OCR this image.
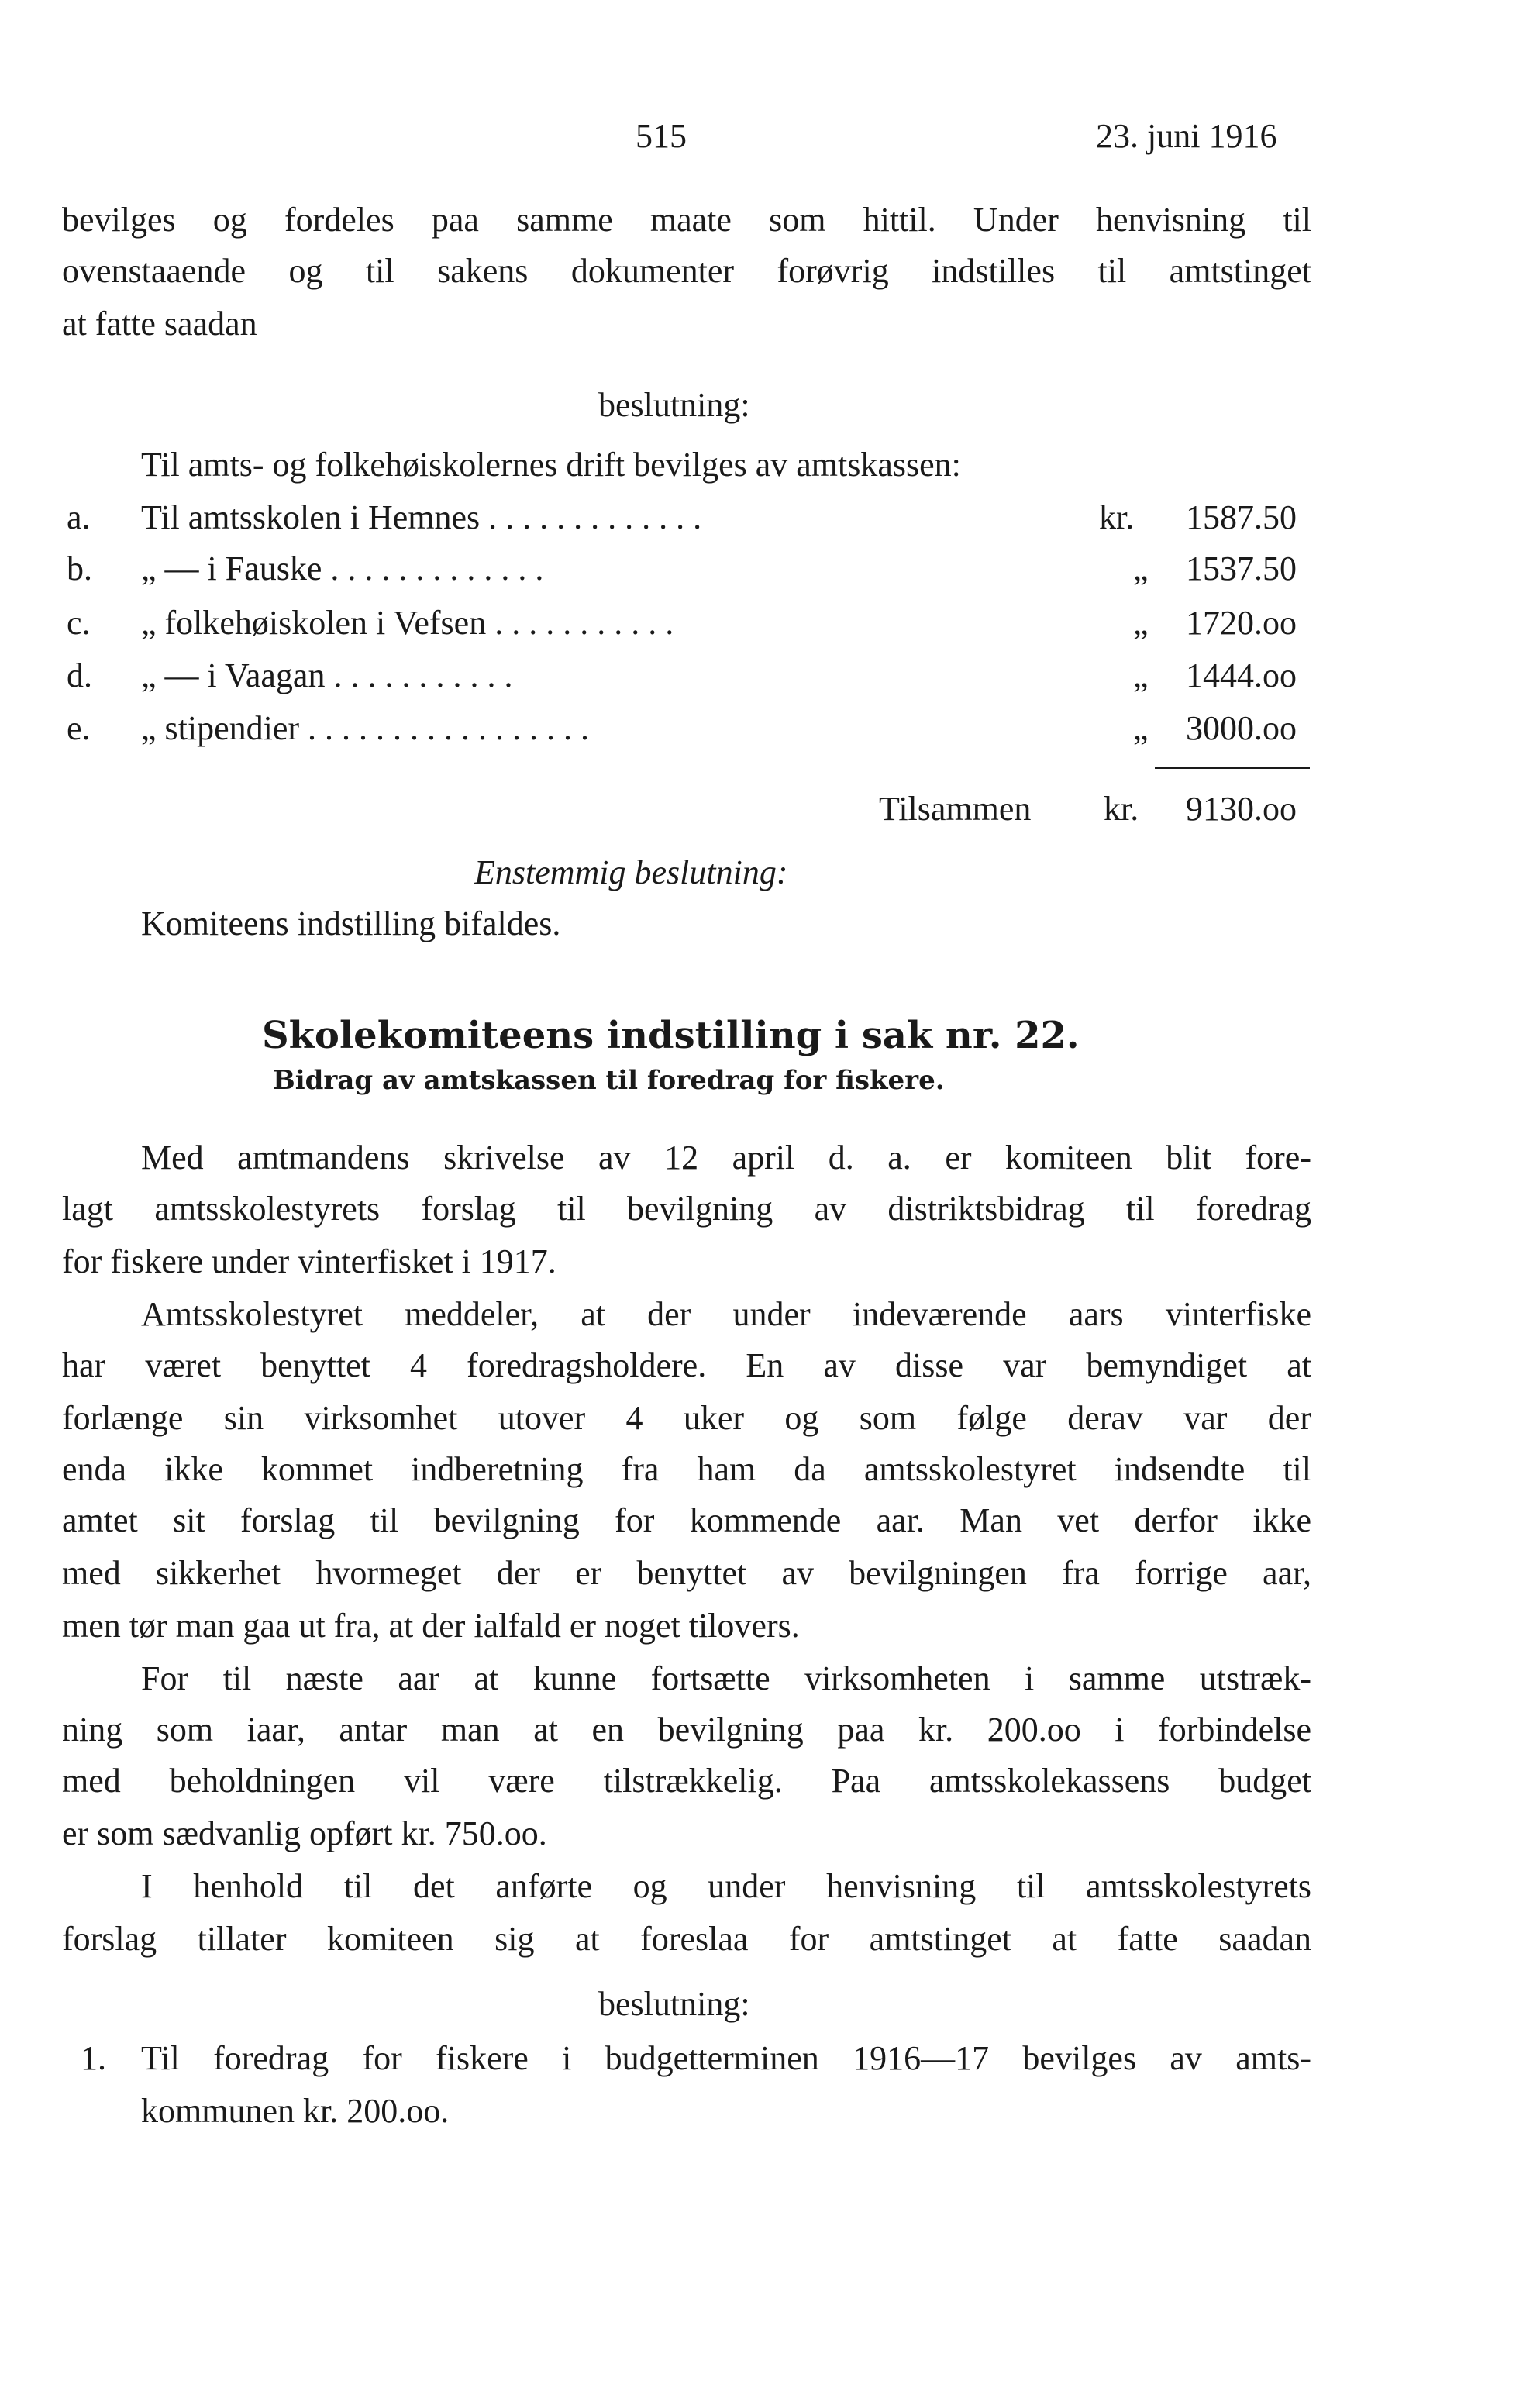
515	23. juni 1916
bevilges og fordeles paa samme maate som hittil. Under henvisning til
ovenstaaende og til sakens dokumenter forøvrig indstilles til amtstinget
at fatte saadan
beslutning:
Til amts- og folkehøiskolernes drift bevilges av amtskassen:
a. Til amtsskolen i Hemnes . . . . . . . . . . . . .	kr. 1587.50
b. „ — i Fauske . . . . . . . . . . . . .	„ 1537.50
c. „ folkehøiskolen i Vefsen . . . . . . . . . . .	„ 1720.oo
d. „ — i Vaagan . . . . . . . . . . .	„ 1444.oo
e. „ stipendier . . . . . . . . . . . . . . . . .	„ 3000.oo
Tilsammen kr. 9130.oo
Enstemmig beslutning:
Komiteens indstilling bifaldes.
Skolekomiteens indstilling i sak nr. 22.
Bidrag av amtskassen til foredrag for fiskere.
Med amtmandens skrivelse av 12 april d. a. er komiteen blit fore-
lagt amtsskolestyrets forslag til bevilgning av distriktsbidrag til foredrag
for fiskere under vinterfisket i 1917.
Amtsskolestyret meddeler, at der under indeværende aars vinterfiske
har været benyttet 4 foredragsholdere. En av disse var bemyndiget at
forlænge sin virksomhet utover 4 uker og som følge derav var der
enda ikke kommet indberetning fra ham da amtsskolestyret indsendte til
amtet sit forslag til bevilgning for kommende aar. Man vet derfor ikke
med sikkerhet hvormeget der er benyttet av bevilgningen fra forrige aar,
men tør man gaa ut fra, at der ialfald er noget tilovers.
For til næste aar at kunne fortsætte virksomheten i samme utstræk-
ning som iaar, antar man at en bevilgning paa kr. 200.oo i forbindelse
med beholdningen vil være tilstrækkelig. Paa amtsskolekassens budget
er som sædvanlig opført kr. 750.oo.
I henhold til det anførte og under henvisning til amtsskolestyrets
forslag tillater komiteen sig at foreslaa for amtstinget at fatte saadan
beslutning:
1. Til foredrag for fiskere i budgetterminen 1916—17 bevilges av amts-
kommunen kr. 200.oo.
